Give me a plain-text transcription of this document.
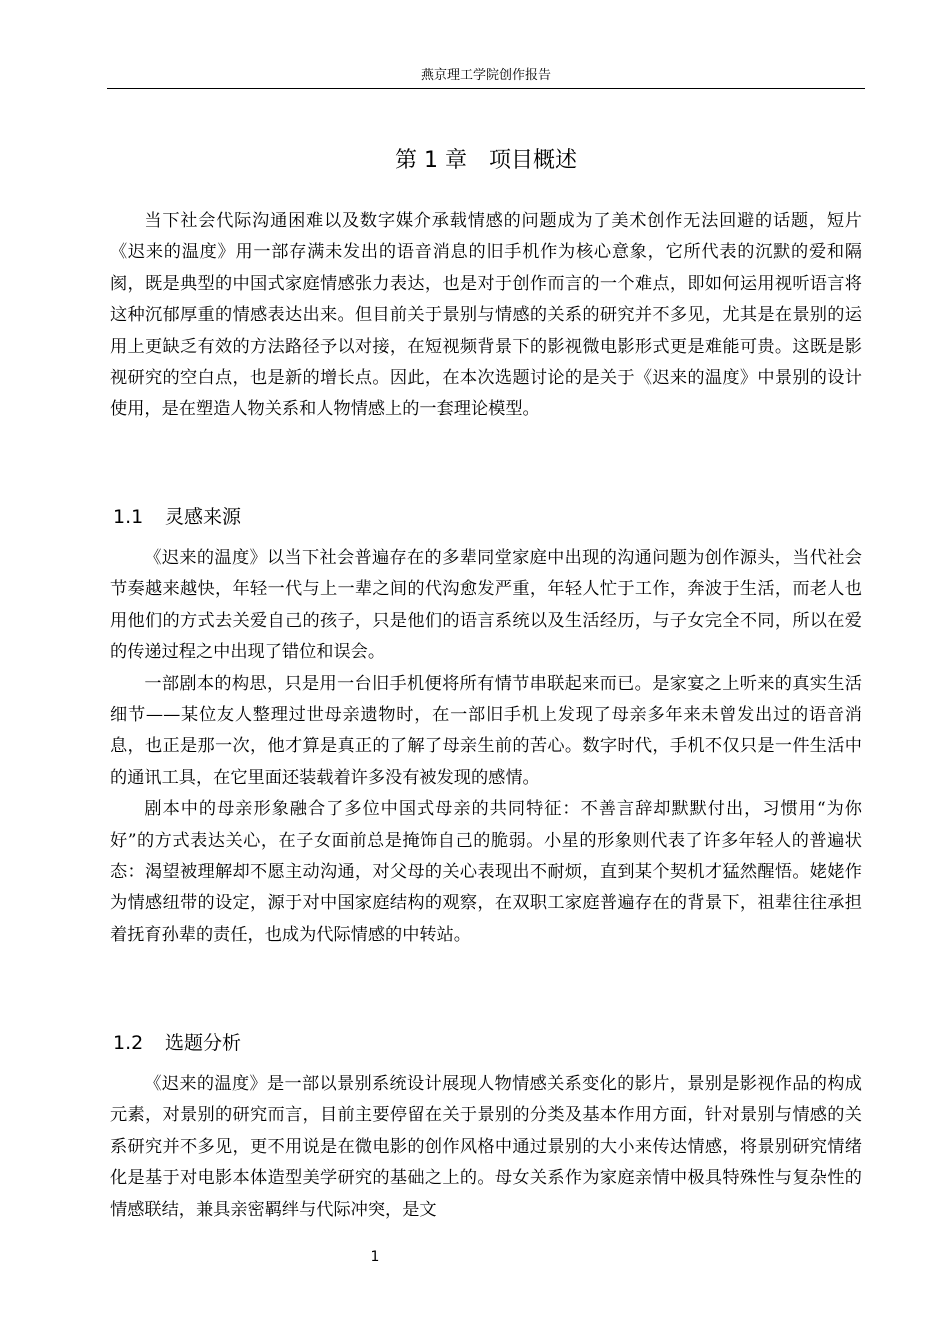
燕京理工学院创作报告
第 1 章 项目概述

当下社会代际沟通困难以及数字媒介承载情感的问题成为了美术创作无法回避的话题，短片《迟来的温度》用一部存满未发出的语音消息的旧手机作为核心意象，它所代表的沉默的爱和隔阂，既是典型的中国式家庭情感张力表达，也是对于创作而言的一个难点，即如何运用视听语言将这种沉郁厚重的情感表达出来。但目前关于景别与情感的关系的研究并不多见，尤其是在景别的运用上更缺乏有效的方法路径予以对接，在短视频背景下的影视微电影形式更是难能可贵。这既是影视研究的空白点，也是新的增长点。因此，在本次选题讨论的是关于《迟来的温度》中景别的设计使用，是在塑造人物关系和人物情感上的一套理论模型。

1.1 灵感来源

《迟来的温度》以当下社会普遍存在的多辈同堂家庭中出现的沟通问题为创作源头，当代社会节奏越来越快，年轻一代与上一辈之间的代沟愈发严重，年轻人忙于工作，奔波于生活，而老人也用他们的方式去关爱自己的孩子，只是他们的语言系统以及生活经历，与子女完全不同，所以在爱的传递过程之中出现了错位和误会。

一部剧本的构思，只是用一台旧手机便将所有情节串联起来而已。是家宴之上听来的真实生活细节——某位友人整理过世母亲遗物时，在一部旧手机上发现了母亲多年来未曾发出过的语音消息，也正是那一次，他才算是真正的了解了母亲生前的苦心。数字时代，手机不仅只是一件生活中的通讯工具，在它里面还装载着许多没有被发现的感情。

剧本中的母亲形象融合了多位中国式母亲的共同特征：不善言辞却默默付出，习惯用“为你好”的方式表达关心，在子女面前总是掩饰自己的脆弱。小星的形象则代表了许多年轻人的普遍状态：渴望被理解却不愿主动沟通，对父母的关心表现出不耐烦，直到某个契机才猛然醒悟。姥姥作为情感纽带的设定，源于对中国家庭结构的观察，在双职工家庭普遍存在的背景下，祖辈往往承担着抚育孙辈的责任，也成为代际情感的中转站。

1.2 选题分析

《迟来的温度》是一部以景别系统设计展现人物情感关系变化的影片，景别是影视作品的构成元素，对景别的研究而言，目前主要停留在关于景别的分类及基本作用方面，针对景别与情感的关系研究并不多见，更不用说是在微电影的创作风格中通过景别的大小来传达情感，将景别研究情绪化是基于对电影本体造型美学研究的基础之上的。母女关系作为家庭亲情中极具特殊性与复杂性的情感联结，兼具亲密羁绊与代际冲突，是文

1
